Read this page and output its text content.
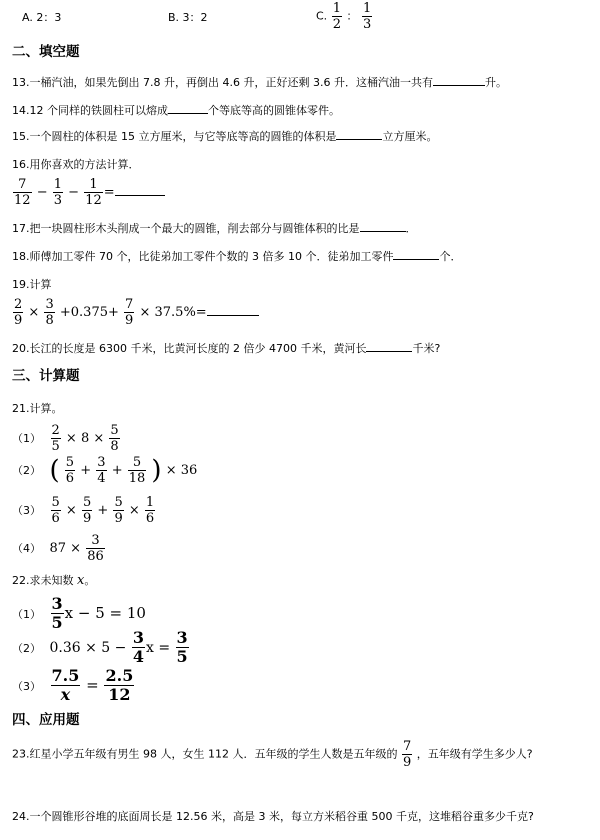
A. 2：3	B. 3：2	C. $\frac{1}{2}$ ： $\frac{1}{3}$
二、填空题
13.一桶汽油，如果先倒出 7.8 升，再倒出 4.6 升，正好还剩 3.6 升．这桶汽油一共有	升。
14.12 个同样的铁圆柱可以熔成	个等底等高的圆锥体零件。
15.一个圆柱的体积是 15 立方厘米，与它等底等高的圆锥的体积是	立方厘米。
16.用你喜欢的方法计算．
$\frac{7}{12} - \frac{1}{3} - \frac{1}{12}$ =
17.把一块圆柱形木头削成一个最大的圆锥，削去部分与圆锥体积的比是	．
18.师傅加工零件 70 个，比徒弟加工零件个数的 3 倍多 10 个．徒弟加工零件	个．
19.计算
$\frac{2}{9} \times \frac{3}{8} +0.375+ \frac{7}{9} \times 37.5\%=$
20.长江的长度是 6300 千米，比黄河长度的 2 倍少 4700 千米，黄河长	千米?
三、计算题
21.计算。
$(1) \frac{2}{5} \times 8 \times \frac{5}{8}$
（2） ( $\frac{5}{6} + \frac{3}{4} + \frac{5}{18}$ ) × 36
$(3) \frac{5}{6} \times \frac{5}{9} + \frac{5}{9} \times \frac{1}{6}$
（4） $87 \times \frac{3}{86}$
22.求未知数 x。
$(1) \frac{3}{5}$ x − 5 = 10
（2） $0.36 \times 5 - \frac{3}{4}$ $x = \frac{3}{5}$
$(3) \frac{7.5}{x} = \frac{2.5}{12}$
四、应用题
23.红星小学五年级有男生 98 人，女生 112 人．五年级的学生人数是五年级的 $\frac{7}{9}$ ，五年级有学生多少人?
24.一个圆锥形谷堆的底面周长是 12.56 米，高是 3 米，每立方米稻谷重 500 千克，这堆稻谷重多少千克?
